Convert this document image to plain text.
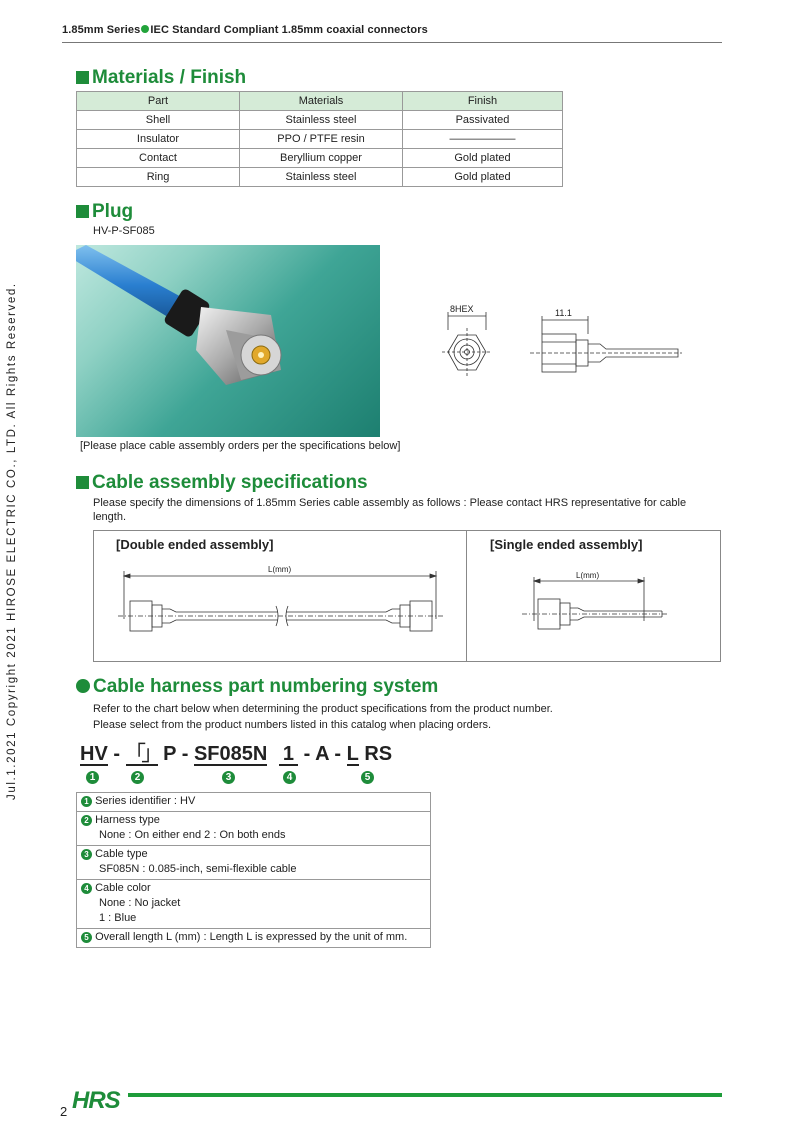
1.85mm Series IEC Standard Compliant 1.85mm coaxial connectors
Jul.1.2021 Copyright 2021 HIROSE ELECTRIC CO., LTD. All Rights Reserved.
Materials / Finish
Part	Materials	Finish
Shell	Stainless steel	Passivated
Insulator	PPO / PTFE resin	――――――
Contact	Beryllium copper	Gold plated
Ring	Stainless steel	Gold plated
Plug
HV-P-SF085
8HEX	11.1
[Please place cable assembly orders per the specifications below]
Cable assembly specifications
Please specify the dimensions of 1.85mm Series cable assembly as follows : Please contact HRS representative for cable length.
[Double ended assembly]	[Single ended assembly]
L(mm)
L(mm)
Cable harness part numbering system
Refer to the chart below when determining the product specifications from the product number.
Please select from the product numbers listed in this catalog when placing orders.
HV - 「」 P - SF085N 1 - A - L RS
1	2	3	4	5
1 Series identifier : HV
2 Harness type
None : On either end 2 : On both ends
3 Cable type
SF085N : 0.085-inch, semi-flexible cable
4 Cable color
None : No jacket
1 : Blue
5 Overall length L (mm) : Length L is expressed by the unit of mm.
HRS
2
